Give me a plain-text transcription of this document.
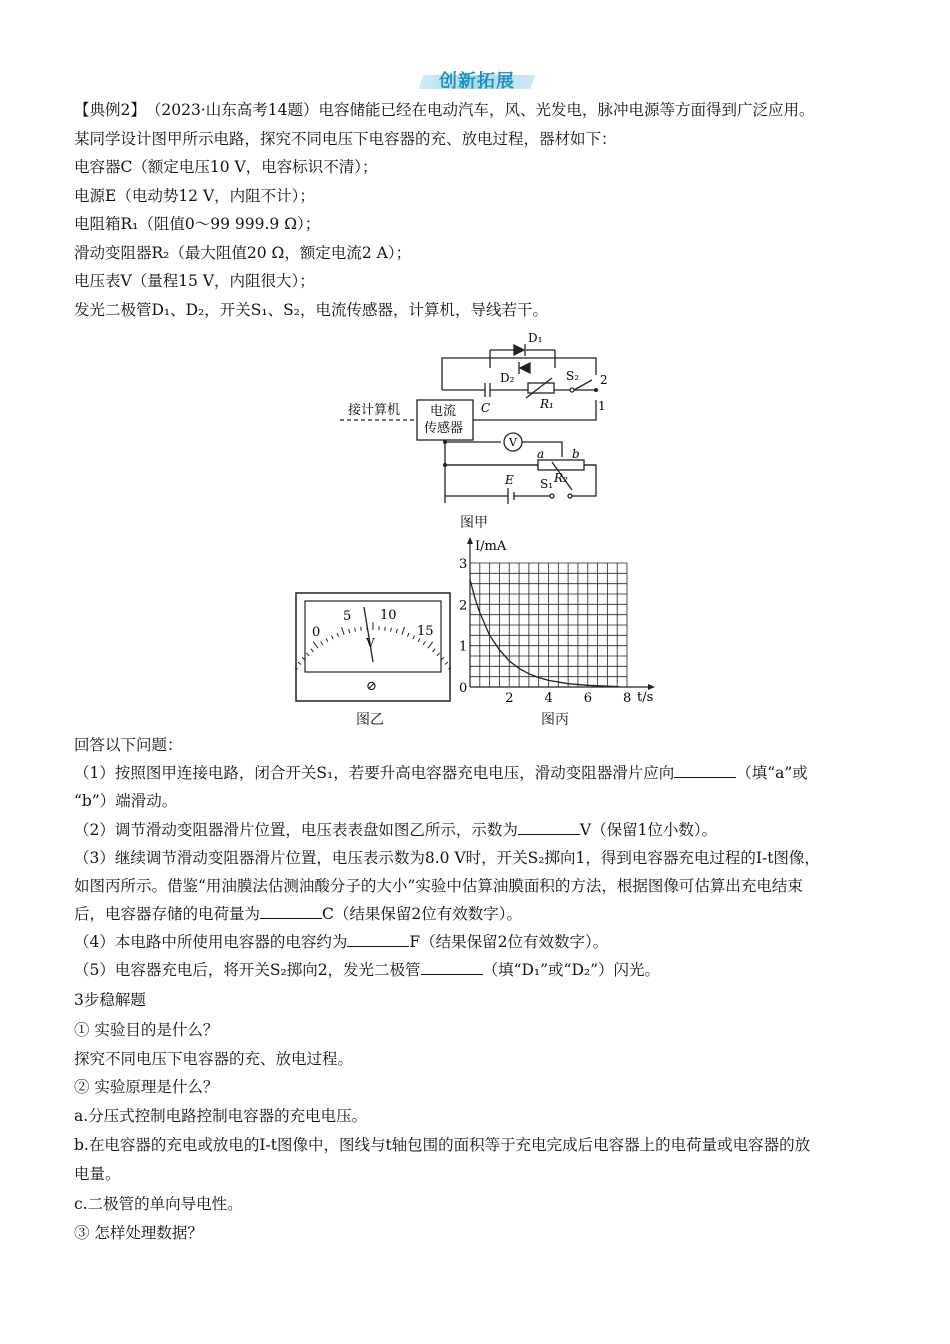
创新拓展
【典例2】　（2023·山东高考14题）电容储能已经在电动汽车，风、光发电，脉冲电源等方面得到广泛应用。
某同学设计图甲所示电路，探究不同电压下电容器的充、放电过程，器材如下：
电容器C（额定电压10 V，电容标识不清）；
电源E（电动势12 V，内阻不计）；
电阻箱R₁（阻值0～99 999.9 Ω）；
滑动变阻器R₂（最大阻值20 Ω，额定电流2 A）；
电压表V（量程15 V，内阻很大）；
发光二极管D₁、D₂，开关S₁、S₂，电流传感器，计算机，导线若干。
D₁
D₂
C	R₁
S₂ 2
1
接计算机 电流
传感器
V
a b
E S₁ R₂
图甲
0
5 10
15
V
⊘
图乙
0
1
2
3
2 4 6 8
I/mA
t/s
图丙
回答以下问题：
（1）按照图甲连接电路，闭合开关S₁，若要升高电容器充电电压，滑动变阻器滑片应向	（填“a”或
“b”）端滑动。
（2）调节滑动变阻器滑片位置，电压表表盘如图乙所示，示数为	V（保留1位小数）。
（3）继续调节滑动变阻器滑片位置，电压表示数为8.0 V时，开关S₂掷向1，得到电容器充电过程的I-t图像，
如图丙所示。借鉴“用油膜法估测油酸分子的大小”实验中估算油膜面积的方法，根据图像可估算出充电结束
后，电容器存储的电荷量为	C（结果保留2位有效数字）。
（4）本电路中所使用电容器的电容约为	F（结果保留2位有效数字）。
（5）电容器充电后，将开关S₂掷向2，发光二极管	（填“D₁”或“D₂”）闪光。
3步稳解题
① 实验目的是什么？
探究不同电压下电容器的充、放电过程。
② 实验原理是什么？
a.分压式控制电路控制电容器的充电电压。
b.在电容器的充电或放电的I-t图像中，图线与t轴包围的面积等于充电完成后电容器上的电荷量或电容器的放
电量。
c.二极管的单向导电性。
③ 怎样处理数据？
